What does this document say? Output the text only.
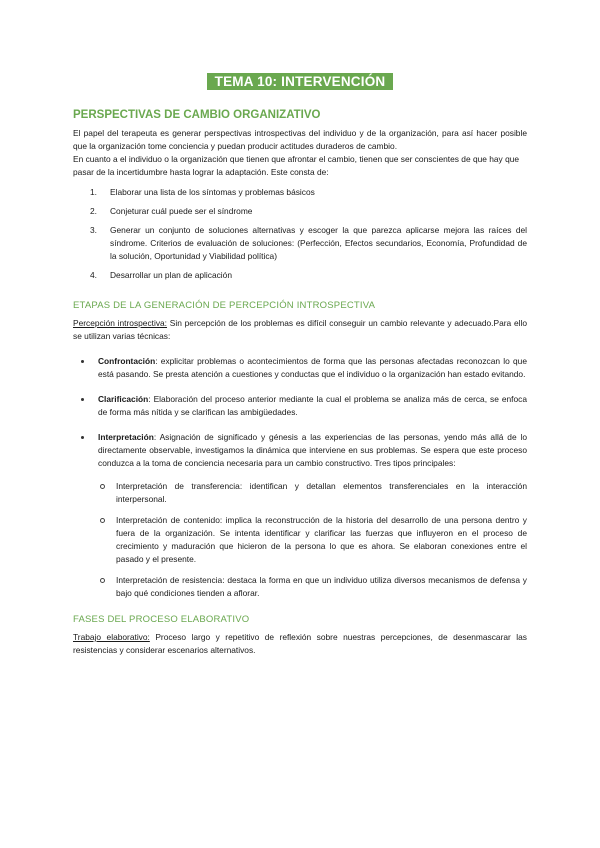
TEMA 10: INTERVENCIÓN
PERSPECTIVAS DE CAMBIO ORGANIZATIVO

El papel del terapeuta es generar perspectivas introspectivas del individuo y de la organización, para así hacer posible que la organización tome conciencia y puedan producir actitudes duraderos de cambio.

En cuanto a el individuo o la organización que tienen que afrontar el cambio, tienen que ser conscientes de que hay que pasar de la incertidumbre hasta lograr la adaptación. Este consta de:

1. Elaborar una lista de los síntomas y problemas básicos
2. Conjeturar cuál puede ser el síndrome
3. Generar un conjunto de soluciones alternativas y escoger la que parezca aplicarse mejora las raíces del síndrome. Criterios de evaluación de soluciones: (Perfección, Efectos secundarios, Economía, Profundidad de la solución, Oportunidad y Viabilidad política)
4. Desarrollar un plan de aplicación
ETAPAS DE LA GENERACIÓN DE PERCEPCIÓN INTROSPECTIVA

Percepción introspectiva: Sin percepción de los problemas es difícil conseguir un cambio relevante y adecuado.Para ello se utilizan varias técnicas:

Confrontación: explicitar problemas o acontecimientos de forma que las personas afectadas reconozcan lo que está pasando. Se presta atención a cuestiones y conductas que el individuo o la organización han estado evitando.
Clarificación: Elaboración del proceso anterior mediante la cual el problema se analiza más de cerca, se enfoca de forma más nítida y se clarifican las ambigüedades.
Interpretación: Asignación de significado y génesis a las experiencias de las personas, yendo más allá de lo directamente observable, investigamos la dinámica que interviene en sus problemas. Se espera que este proceso conduzca a la toma de conciencia necesaria para un cambio constructivo. Tres tipos principales:
Interpretación de transferencia: identifican y detallan elementos transferenciales en la interacción interpersonal.
Interpretación de contenido: implica la reconstrucción de la historia del desarrollo de una persona dentro y fuera de la organización. Se intenta identificar y clarificar las fuerzas que influyeron en el proceso de crecimiento y maduración que hicieron de la persona lo que es ahora. Se elaboran conexiones entre el pasado y el presente.
Interpretación de resistencia: destaca la forma en que un individuo utiliza diversos mecanismos de defensa y bajo qué condiciones tienden a aflorar.
FASES DEL PROCESO ELABORATIVO

Trabajo elaborativo: Proceso largo y repetitivo de reflexión sobre nuestras percepciones, de desenmascarar las resistencias y considerar escenarios alternativos.
